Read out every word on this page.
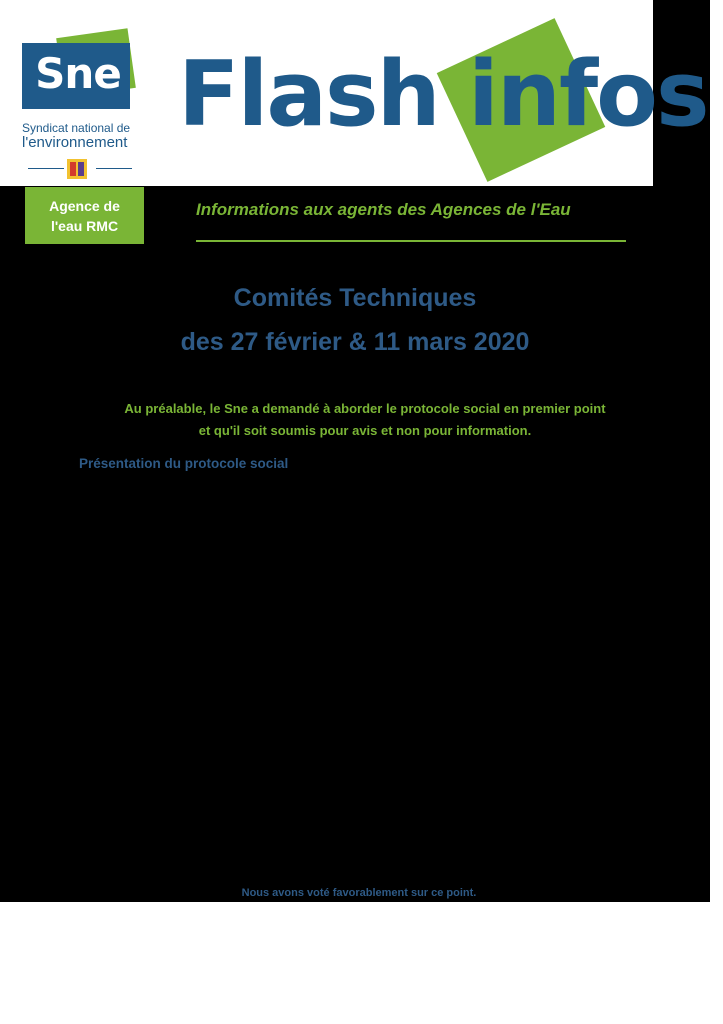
Sne
Syndicat national de
l'environnement Flash infos
Agence de
l'eau RMC
Informations aux agents des Agences de l'Eau
Comités Techniques
des 27 février & 11 mars 2020
Au préalable, le Sne a demandé à aborder le protocole social en premier point
et qu'il soit soumis pour avis et non pour information.
Présentation du protocole social
Nous avons voté favorablement sur ce point.
